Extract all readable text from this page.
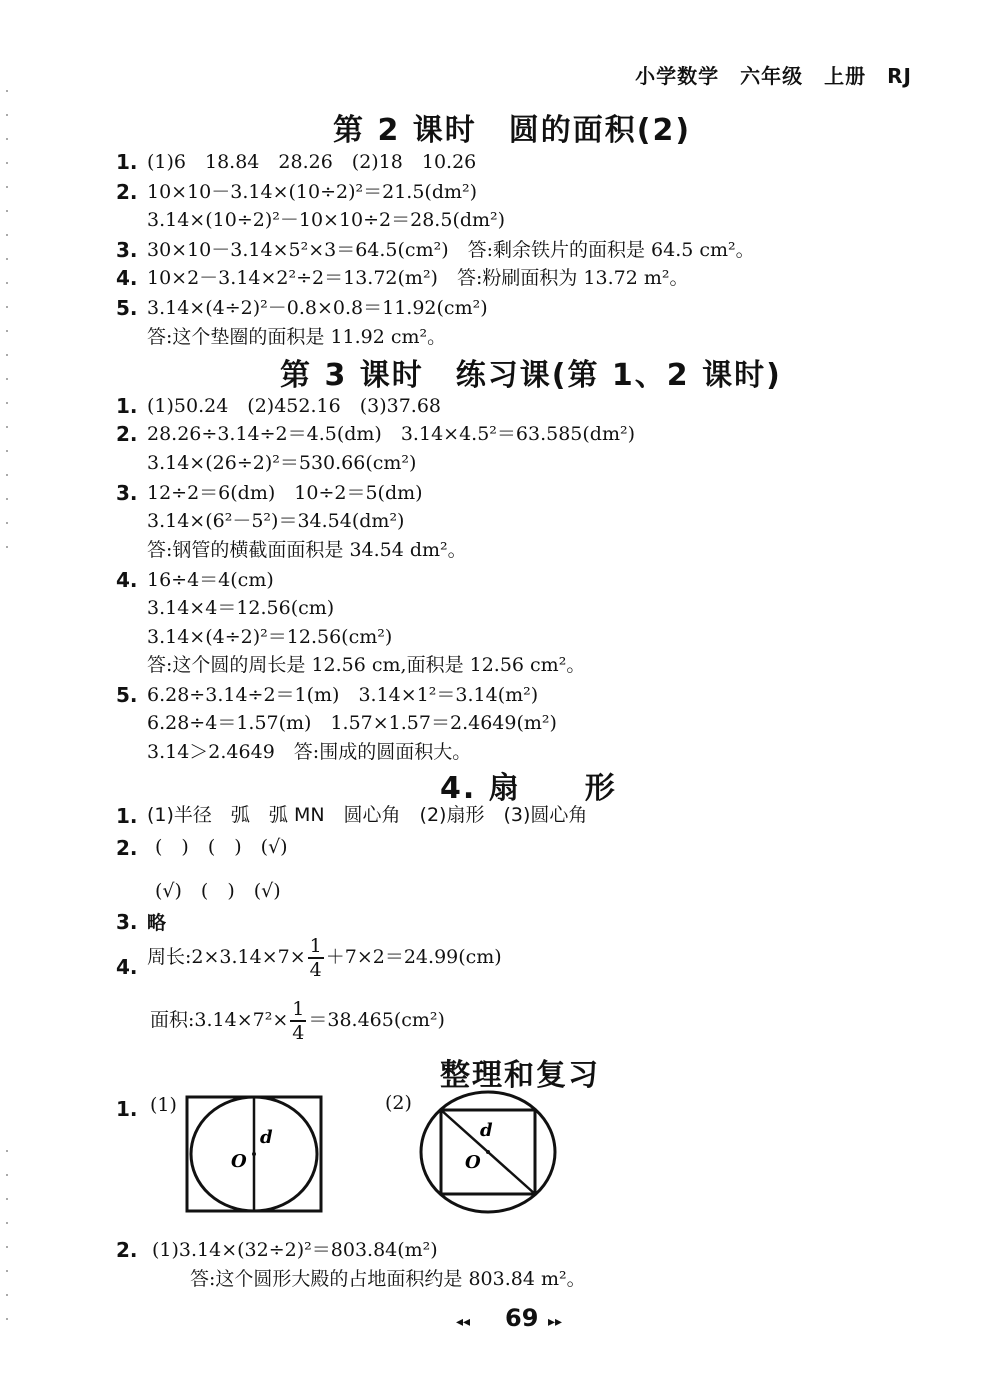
小学数学　六年级　上册　RJ
第 2 课时　圆的面积(2)
1. (1)6　18.84　28.26　(2)18　10.26
2. 10×10－3.14×(10÷2)²＝21.5(dm²)
3.14×(10÷2)²－10×10÷2＝28.5(dm²)
3. 30×10－3.14×5²×3＝64.5(cm²)　答:剩余铁片的面积是 64.5 cm²。
4. 10×2－3.14×2²÷2＝13.72(m²)　答:粉刷面积为 13.72 m²。
5. 3.14×(4÷2)²－0.8×0.8＝11.92(cm²)
答:这个垫圈的面积是 11.92 cm²。
第 3 课时　练习课(第 1、2 课时)
1. (1)50.24　(2)452.16　(3)37.68
2. 28.26÷3.14÷2＝4.5(dm)　3.14×4.5²＝63.585(dm²)
3.14×(26÷2)²＝530.66(cm²)
3. 12÷2＝6(dm)　10÷2＝5(dm)
3.14×(6²－5²)＝34.54(dm²)
答:钢管的横截面面积是 34.54 dm²。
4. 16÷4＝4(cm)
3.14×4＝12.56(cm)
3.14×(4÷2)²＝12.56(cm²)
答:这个圆的周长是 12.56 cm,面积是 12.56 cm²。
5. 6.28÷3.14÷2＝1(m)　3.14×1²＝3.14(m²)
6.28÷4＝1.57(m)　1.57×1.57＝2.4649(m²)
3.14＞2.4649　答:围成的圆面积大。
4. 扇　　形
1. (1)半径　弧　弧 MN　圆心角　(2)扇形　(3)圆心角
2. (　)　(　)　(√)
(√)　(　)　(√)
3. 略
4. 周长:2×3.14×7× $\frac{1}{4} +7\times 2=24.99(cm)$
面积:3.14×7²× $\frac{1}{4} =38.465(cm^2)$
整理和复习
1. (1)	(2)
d
O
d
O
2. (1)3.14×(32÷2)²＝803.84(m²)
答:这个圆形大殿的占地面积约是 803.84 m²。
◂◂ 69 ▸▸
